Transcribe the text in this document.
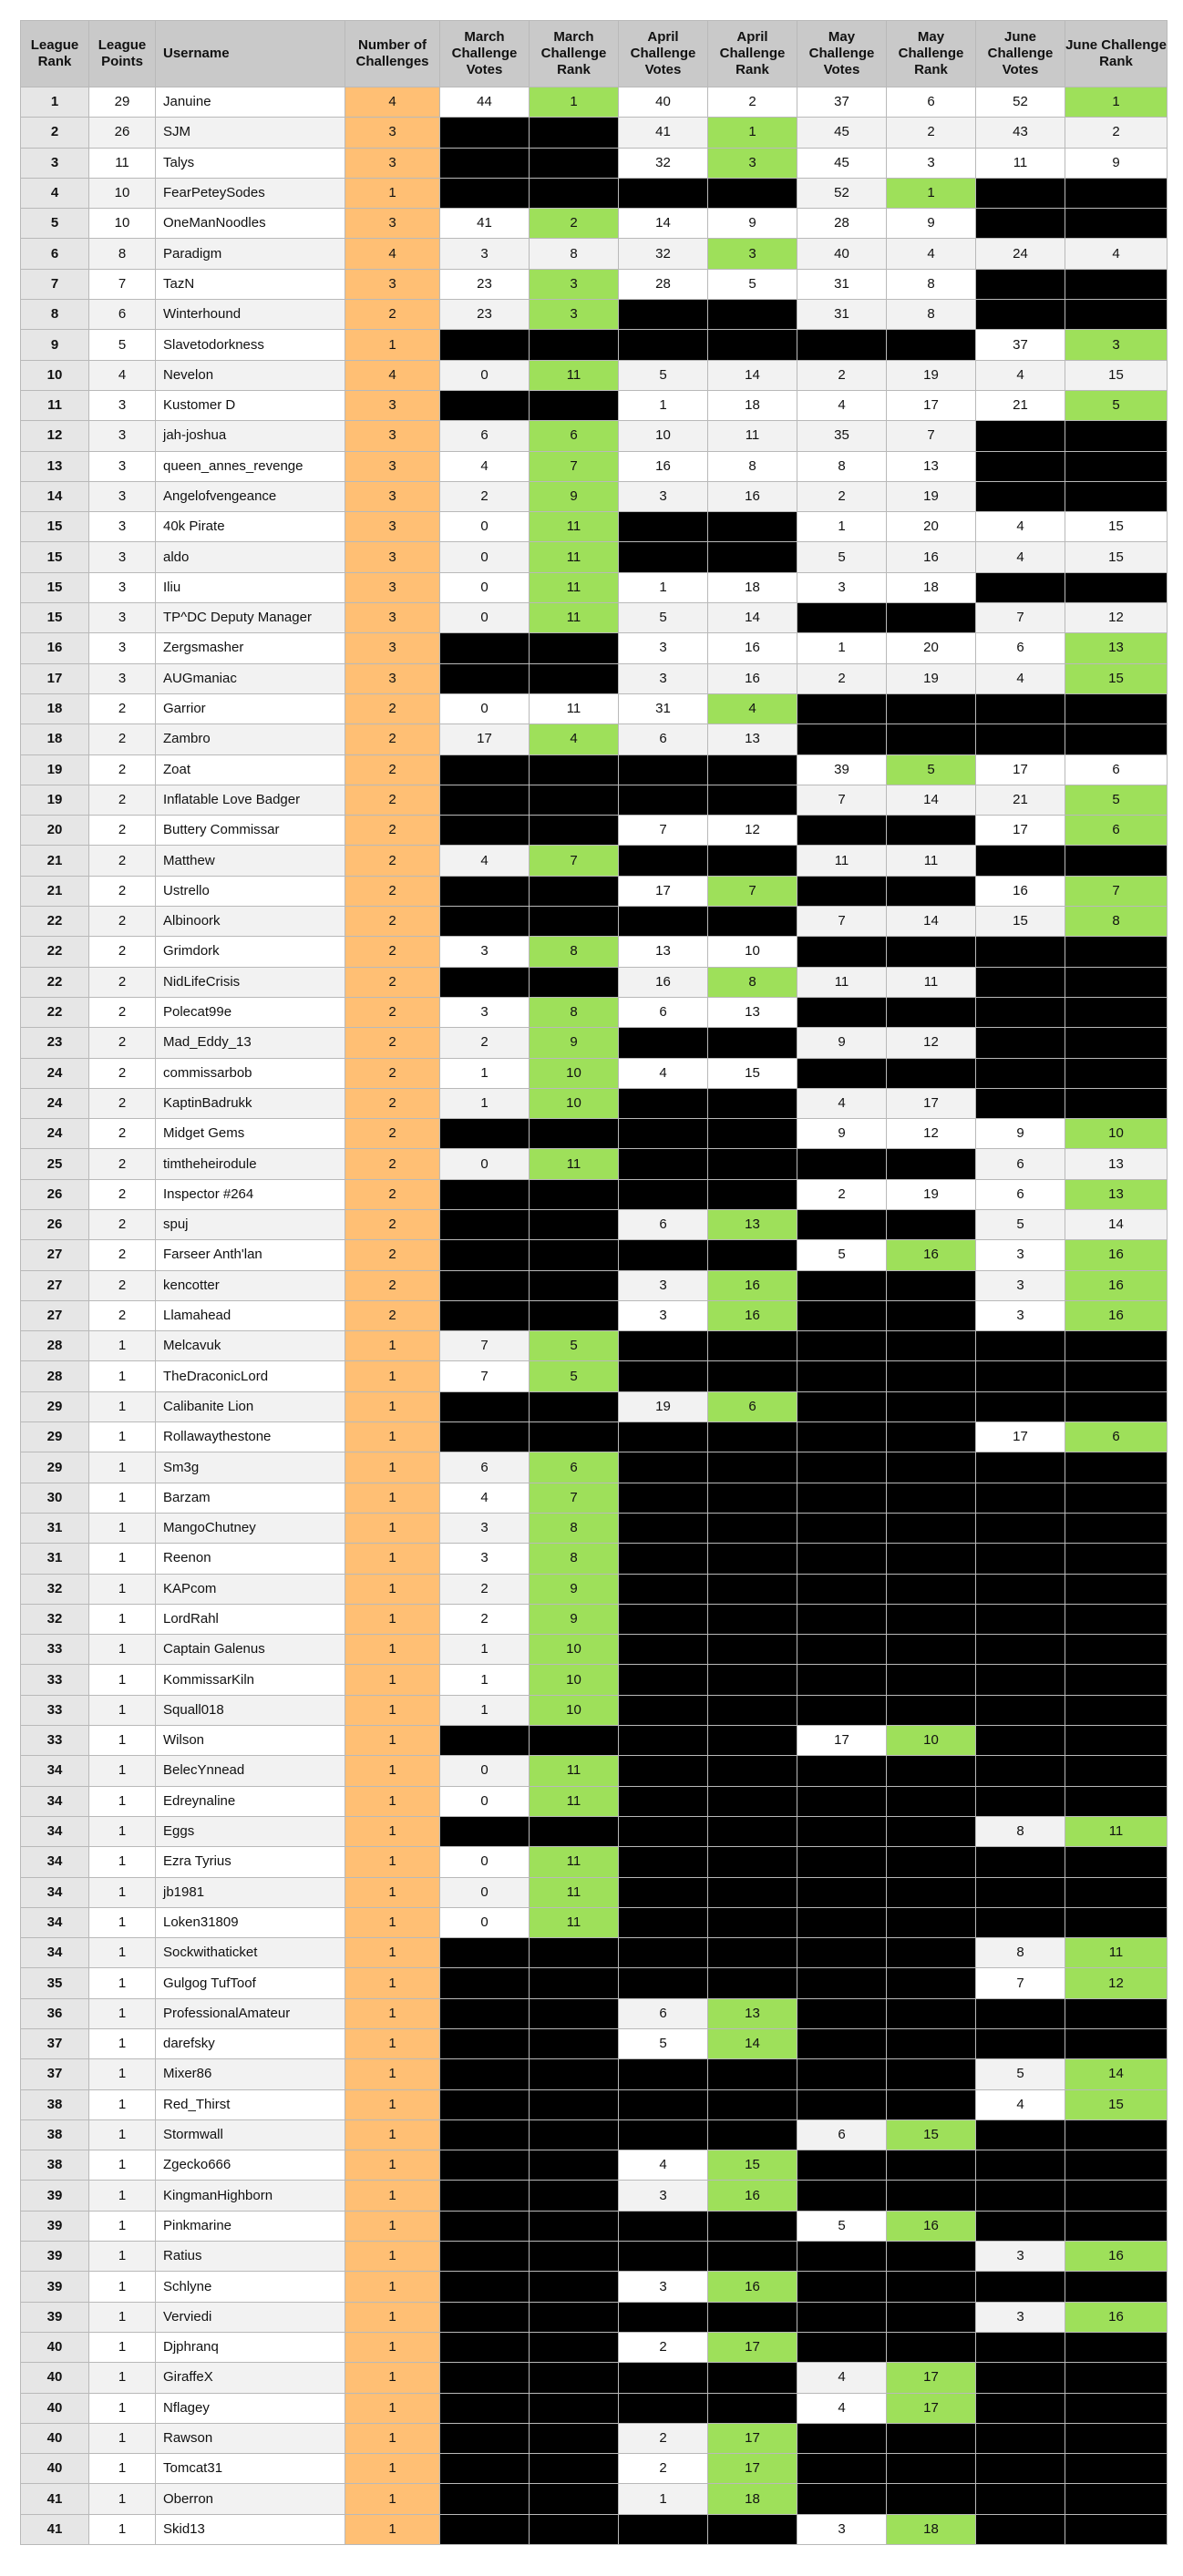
League Rank	League Points	Username	Number of Challenges	March Challenge Votes	March Challenge Rank	April Challenge Votes	April Challenge Rank	May Challenge Votes	May Challenge Rank	June Challenge Votes	June Challenge Rank
1	29	Januine	4	44	1	40	2	37	6	52	1
2	26	SJM	3			41	1	45	2	43	2
3	11	Talys	3			32	3	45	3	11	9
4	10	FearPeteySodes	1					52	1		
5	10	OneManNoodles	3	41	2	14	9	28	9		
6	8	Paradigm	4	3	8	32	3	40	4	24	4
7	7	TazN	3	23	3	28	5	31	8		
8	6	Winterhound	2	23	3			31	8		
9	5	Slavetodorkness	1							37	3
10	4	Nevelon	4	0	11	5	14	2	19	4	15
11	3	Kustomer D	3			1	18	4	17	21	5
12	3	jah-joshua	3	6	6	10	11	35	7		
13	3	queen_annes_revenge	3	4	7	16	8	8	13		
14	3	Angelofvengeance	3	2	9	3	16	2	19		
15	3	40k Pirate	3	0	11			1	20	4	15
15	3	aldo	3	0	11			5	16	4	15
15	3	Iliu	3	0	11	1	18	3	18		
15	3	TP^DC Deputy Manager	3	0	11	5	14			7	12
16	3	Zergsmasher	3			3	16	1	20	6	13
17	3	AUGmaniac	3			3	16	2	19	4	15
18	2	Garrior	2	0	11	31	4				
18	2	Zambro	2	17	4	6	13				
19	2	Zoat	2					39	5	17	6
19	2	Inflatable Love Badger	2					7	14	21	5
20	2	Buttery Commissar	2			7	12			17	6
21	2	Matthew	2	4	7			11	11		
21	2	Ustrello	2			17	7			16	7
22	2	Albinoork	2					7	14	15	8
22	2	Grimdork	2	3	8	13	10				
22	2	NidLifeCrisis	2			16	8	11	11		
22	2	Polecat99e	2	3	8	6	13				
23	2	Mad_Eddy_13	2	2	9			9	12		
24	2	commissarbob	2	1	10	4	15				
24	2	KaptinBadrukk	2	1	10			4	17		
24	2	Midget Gems	2					9	12	9	10
25	2	timtheheirodule	2	0	11					6	13
26	2	Inspector #264	2					2	19	6	13
26	2	spuj	2			6	13			5	14
27	2	Farseer Anth'lan	2					5	16	3	16
27	2	kencotter	2			3	16			3	16
27	2	Llamahead	2			3	16			3	16
28	1	Melcavuk	1	7	5						
28	1	TheDraconicLord	1	7	5						
29	1	Calibanite Lion	1			19	6				
29	1	Rollawaythestone	1							17	6
29	1	Sm3g	1	6	6						
30	1	Barzam	1	4	7						
31	1	MangoChutney	1	3	8						
31	1	Reenon	1	3	8						
32	1	KAPcom	1	2	9						
32	1	LordRahl	1	2	9						
33	1	Captain Galenus	1	1	10						
33	1	KommissarKiln	1	1	10						
33	1	Squall018	1	1	10						
33	1	Wilson	1					17	10		
34	1	BelecYnnead	1	0	11						
34	1	Edreynaline	1	0	11						
34	1	Eggs	1							8	11
34	1	Ezra Tyrius	1	0	11						
34	1	jb1981	1	0	11						
34	1	Loken31809	1	0	11						
34	1	Sockwithaticket	1							8	11
35	1	Gulgog TufToof	1							7	12
36	1	ProfessionalAmateur	1			6	13				
37	1	darefsky	1			5	14				
37	1	Mixer86	1							5	14
38	1	Red_Thirst	1							4	15
38	1	Stormwall	1					6	15		
38	1	Zgecko666	1			4	15				
39	1	KingmanHighborn	1			3	16				
39	1	Pinkmarine	1					5	16		
39	1	Ratius	1							3	16
39	1	Schlyne	1			3	16				
39	1	Verviedi	1							3	16
40	1	Djphranq	1			2	17				
40	1	GiraffeX	1					4	17		
40	1	Nflagey	1					4	17		
40	1	Rawson	1			2	17				
40	1	Tomcat31	1			2	17				
41	1	Oberron	1			1	18				
41	1	Skid13	1					3	18		
